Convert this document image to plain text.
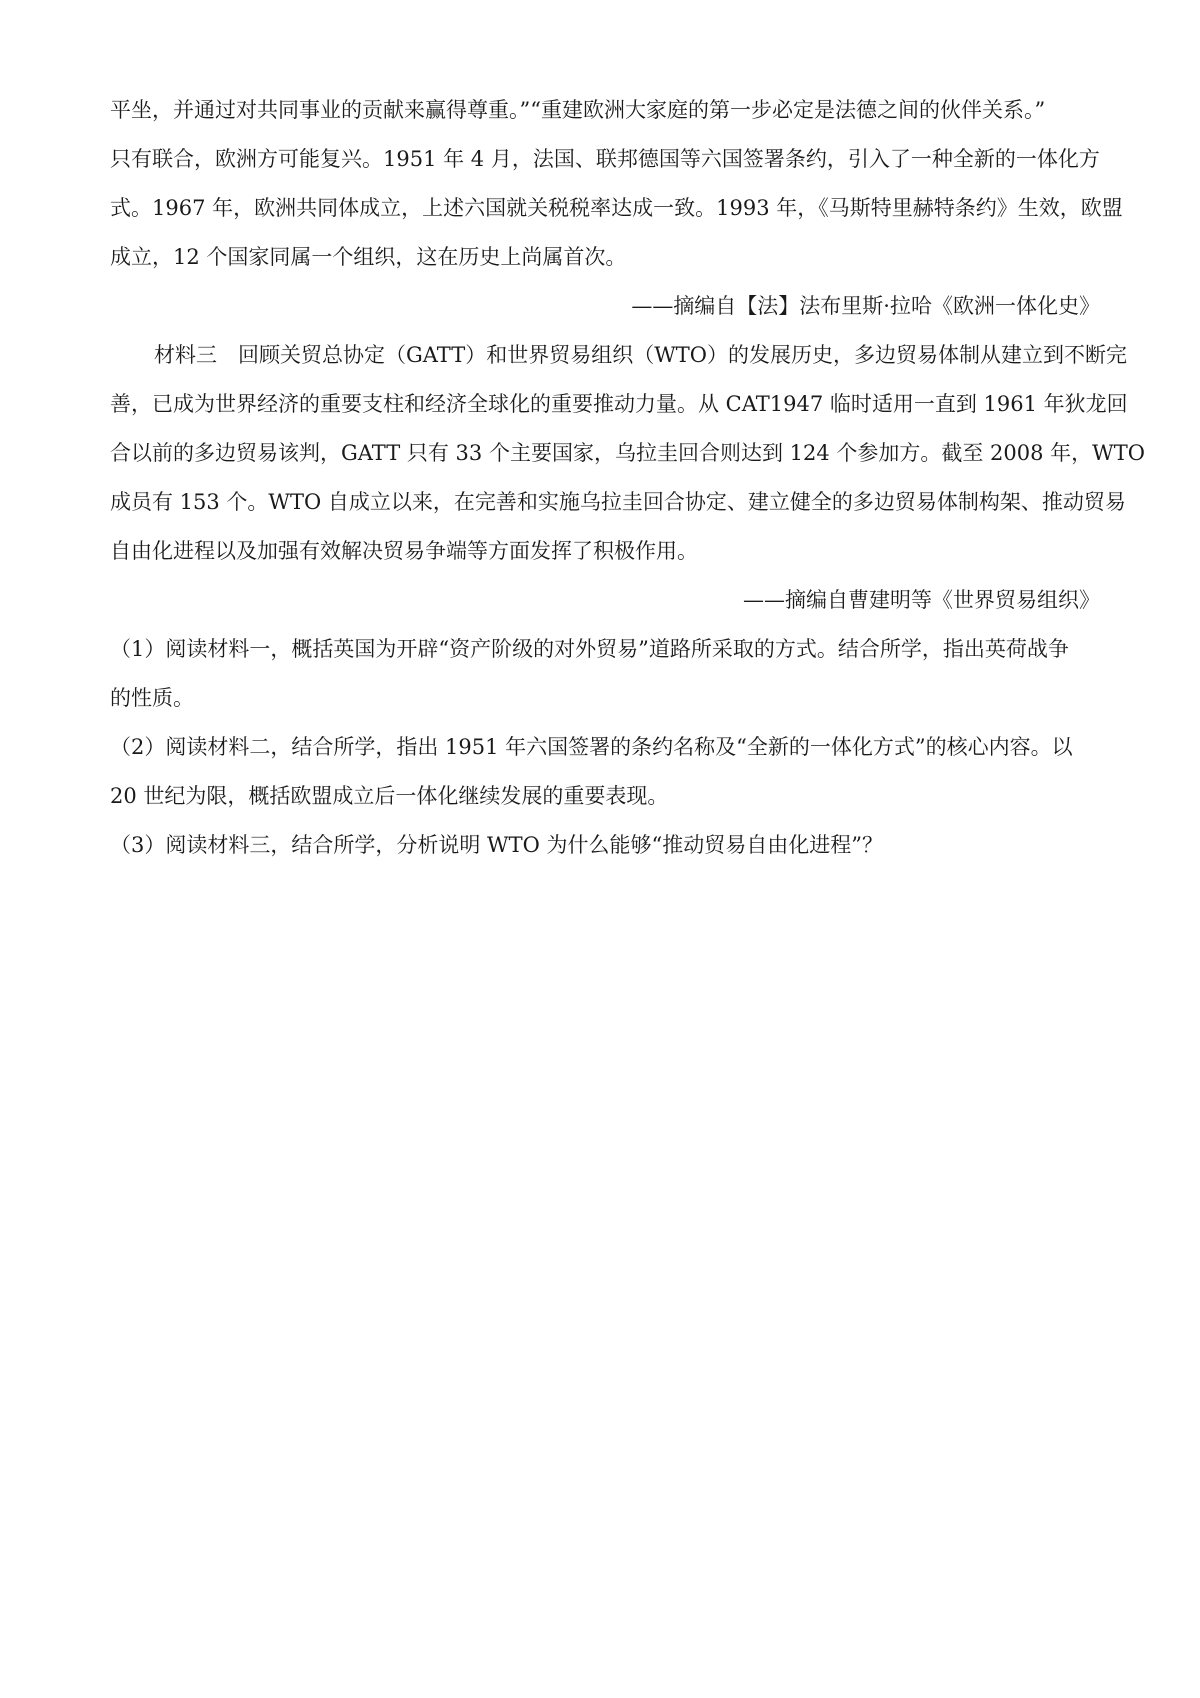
平坐，并通过对共同事业的贡献来赢得尊重。”“重建欧洲大家庭的第一步必定是法德之间的伙伴关系。”

只有联合，欧洲方可能复兴。1951 年 4 月，法国、联邦德国等六国签署条约，引入了一种全新的一体化方

式。1967 年，欧洲共同体成立，上述六国就关税税率达成一致。1993 年，《马斯特里赫特条约》生效，欧盟

成立，12 个国家同属一个组织，这在历史上尚属首次。

——摘编自【法】法布里斯·拉哈《欧洲一体化史》

材料三　回顾关贸总协定（GATT）和世界贸易组织（WTO）的发展历史，多边贸易体制从建立到不断完

善，已成为世界经济的重要支柱和经济全球化的重要推动力量。从 CAT1947 临时适用一直到 1961 年狄龙回

合以前的多边贸易该判，GATT 只有 33 个主要国家，乌拉圭回合则达到 124 个参加方。截至 2008 年，WTO

成员有 153 个。WTO 自成立以来，在完善和实施乌拉圭回合协定、建立健全的多边贸易体制构架、推动贸易

自由化进程以及加强有效解决贸易争端等方面发挥了积极作用。

——摘编自曹建明等《世界贸易组织》

（1）阅读材料一，概括英国为开辟“资产阶级的对外贸易”道路所采取的方式。结合所学，指出英荷战争

的性质。

（2）阅读材料二，结合所学，指出 1951 年六国签署的条约名称及“全新的一体化方式”的核心内容。以

20 世纪为限，概括欧盟成立后一体化继续发展的重要表现。

（3）阅读材料三，结合所学，分析说明 WTO 为什么能够“推动贸易自由化进程”？
